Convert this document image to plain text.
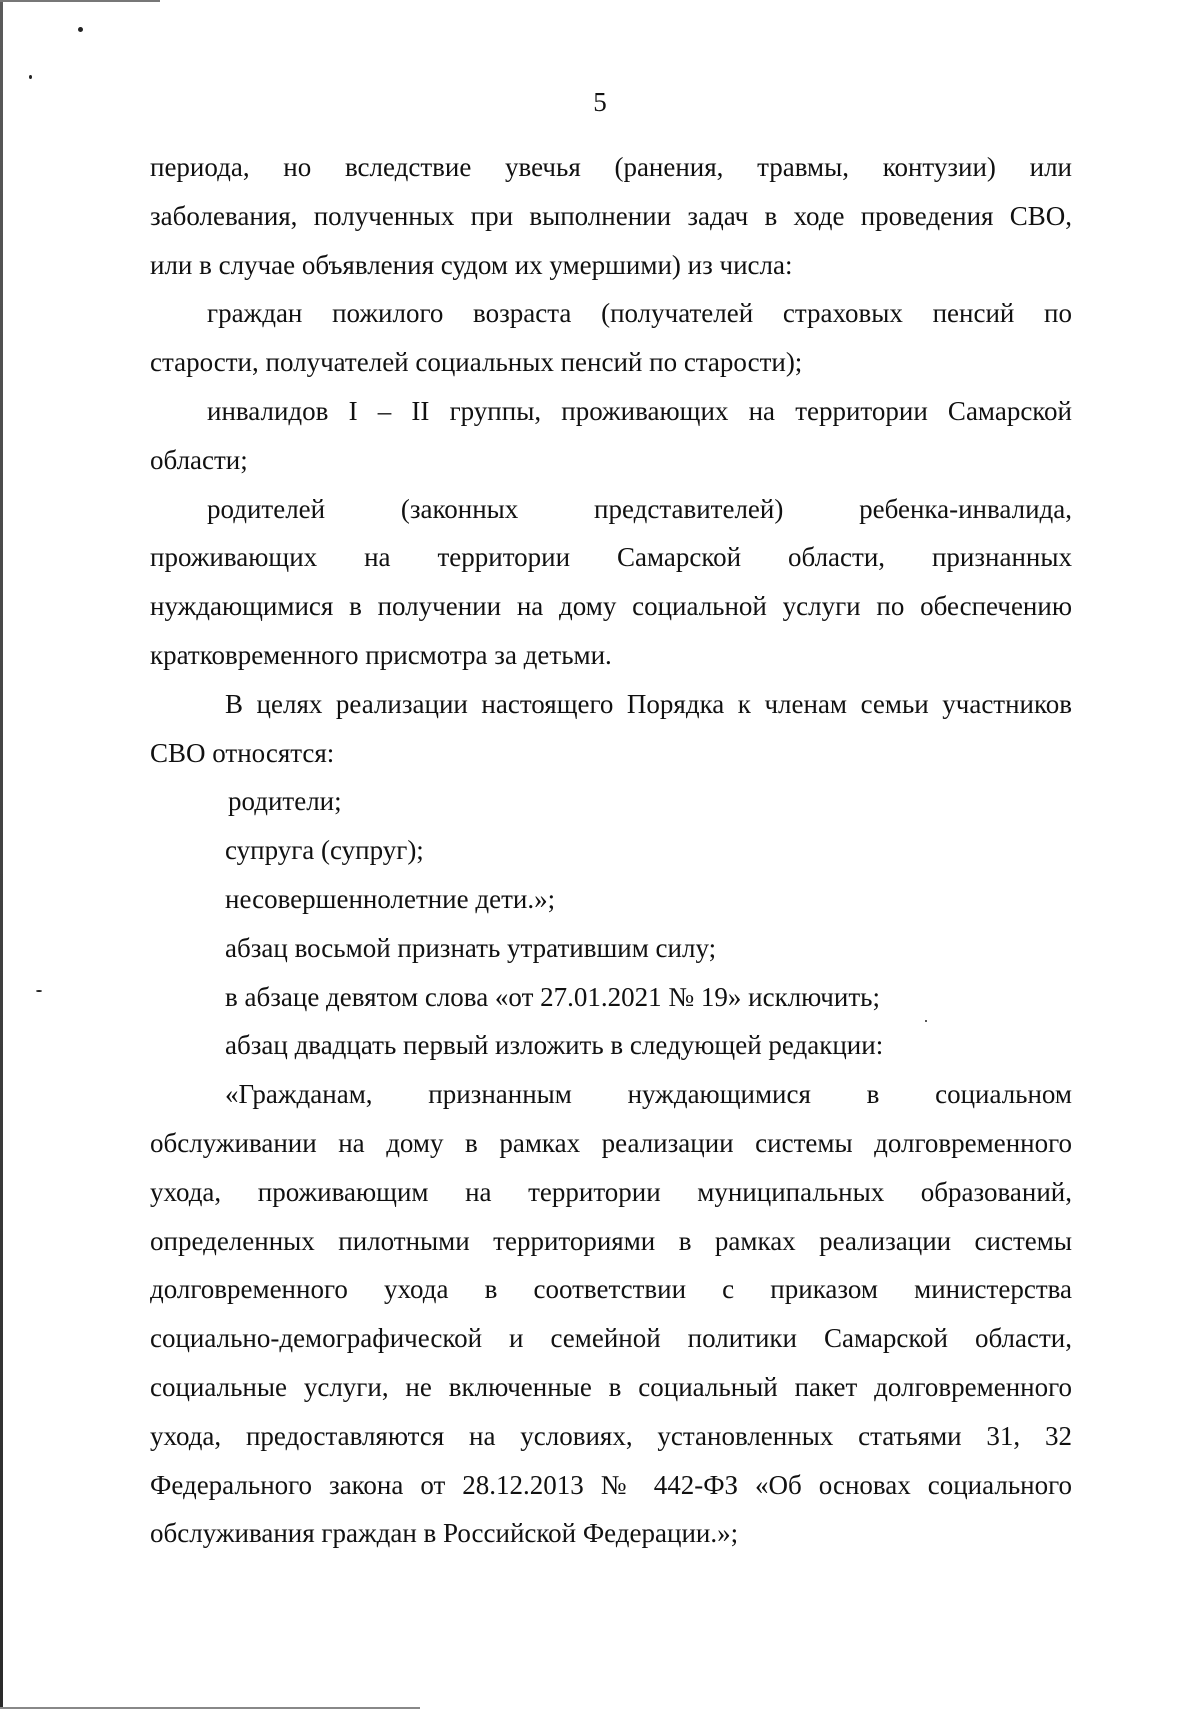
5
периода, но вследствие увечья (ранения, травмы, контузии) или
заболевания, полученных при выполнении задач в ходе проведения СВО,
или в случае объявления судом их умершими) из числа:
граждан пожилого возраста (получателей страховых пенсий по
старости, получателей социальных пенсий по старости);
инвалидов I – II группы, проживающих на территории Самарской
области;
родителей (законных представителей) ребенка-инвалида,
проживающих на территории Самарской области, признанных
нуждающимися в получении на дому социальной услуги по обеспечению
кратковременного присмотра за детьми.
В целях реализации настоящего Порядка к членам семьи участников
СВО относятся:
родители;
супруга (супруг);
несовершеннолетние дети.»;
абзац восьмой признать утратившим силу;
в абзаце девятом слова «от 27.01.2021 № 19» исключить;
абзац двадцать первый изложить в следующей редакции:
«Гражданам, признанным нуждающимися в социальном
обслуживании на дому в рамках реализации системы долговременного
ухода, проживающим на территории муниципальных образований,
определенных пилотными территориями в рамках реализации системы
долговременного ухода в соответствии с приказом министерства
социально-демографической и семейной политики Самарской области,
социальные услуги, не включенные в социальный пакет долговременного
ухода, предоставляются на условиях, установленных статьями 31, 32
Федерального закона от 28.12.2013 № 442-ФЗ «Об основах социального
обслуживания граждан в Российской Федерации.»;
